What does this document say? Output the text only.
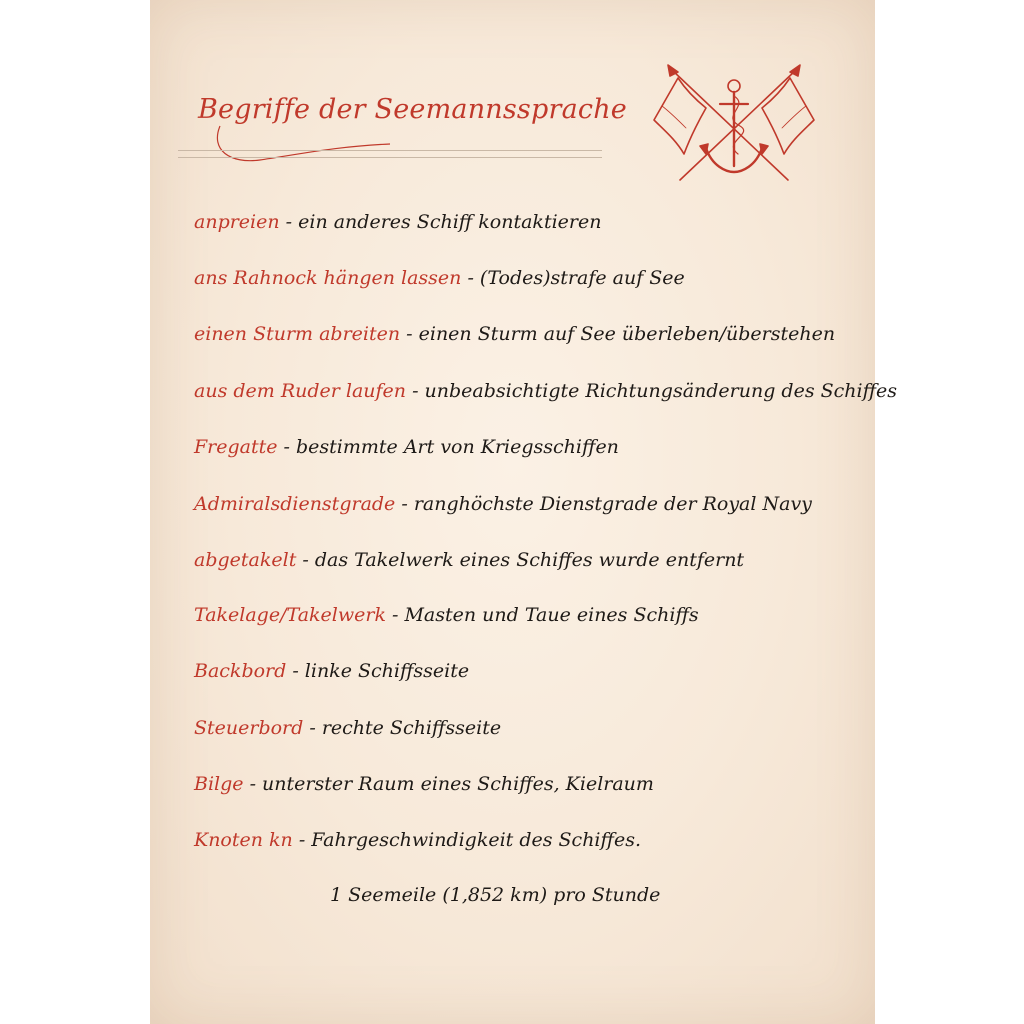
Begriffe der Seemannssprache
anpreien - ein anderes Schiff kontaktieren
ans Rahnock hängen lassen - (Todes)strafe auf See
einen Sturm abreiten - einen Sturm auf See überleben/überstehen
aus dem Ruder laufen - unbeabsichtigte Richtungsänderung des Schiffes
Fregatte - bestimmte Art von Kriegsschiffen
Admiralsdienstgrade - ranghöchste Dienstgrade der Royal Navy
abgetakelt - das Takelwerk eines Schiffes wurde entfernt
Takelage/Takelwerk - Masten und Taue eines Schiffs
Backbord - linke Schiffsseite
Steuerbord - rechte Schiffsseite
Bilge - unterster Raum eines Schiffes, Kielraum
Knoten kn - Fahrgeschwindigkeit des Schiffes.
1 Seemeile (1,852 km) pro Stunde
